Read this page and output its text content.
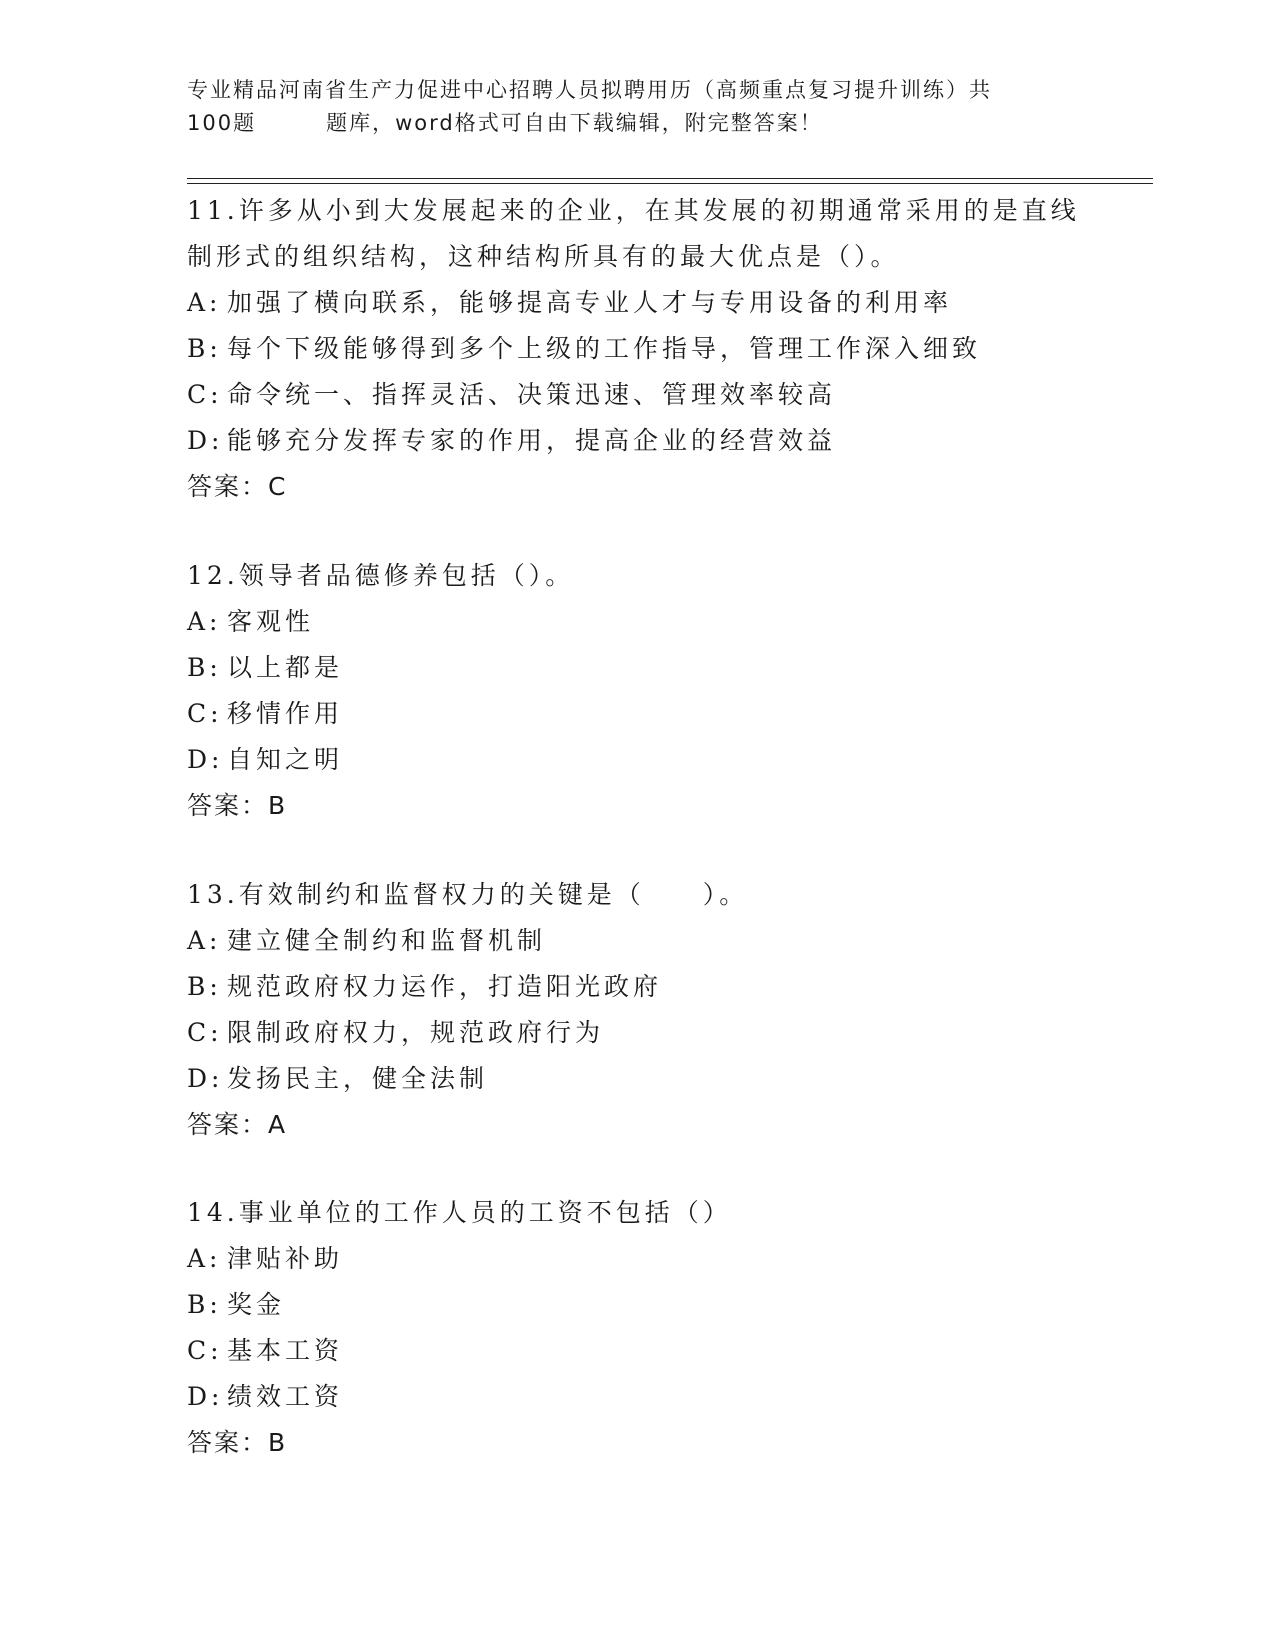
专业精品河南省生产力促进中心招聘人员拟聘用历（高频重点复习提升训练）共
100题	题库，word格式可自由下载编辑，附完整答案！
11.许多从小到大发展起来的企业，在其发展的初期通常采用的是直线
制形式的组织结构，这种结构所具有的最大优点是（）。
A: 加强了横向联系，能够提高专业人才与专用设备的利用率
B: 每个下级能够得到多个上级的工作指导，管理工作深入细致
C: 命令统一、指挥灵活、决策迅速、管理效率较高
D: 能够充分发挥专家的作用，提高企业的经营效益
答案：C
12.领导者品德修养包括（）。
A: 客观性
B: 以上都是
C: 移情作用
D: 自知之明
答案：B
13.有效制约和监督权力的关键是（　　）。
A: 建立健全制约和监督机制
B: 规范政府权力运作，打造阳光政府
C: 限制政府权力，规范政府行为
D: 发扬民主，健全法制
答案：A
14.事业单位的工作人员的工资不包括（）
A: 津贴补助
B: 奖金
C: 基本工资
D: 绩效工资
答案：B
